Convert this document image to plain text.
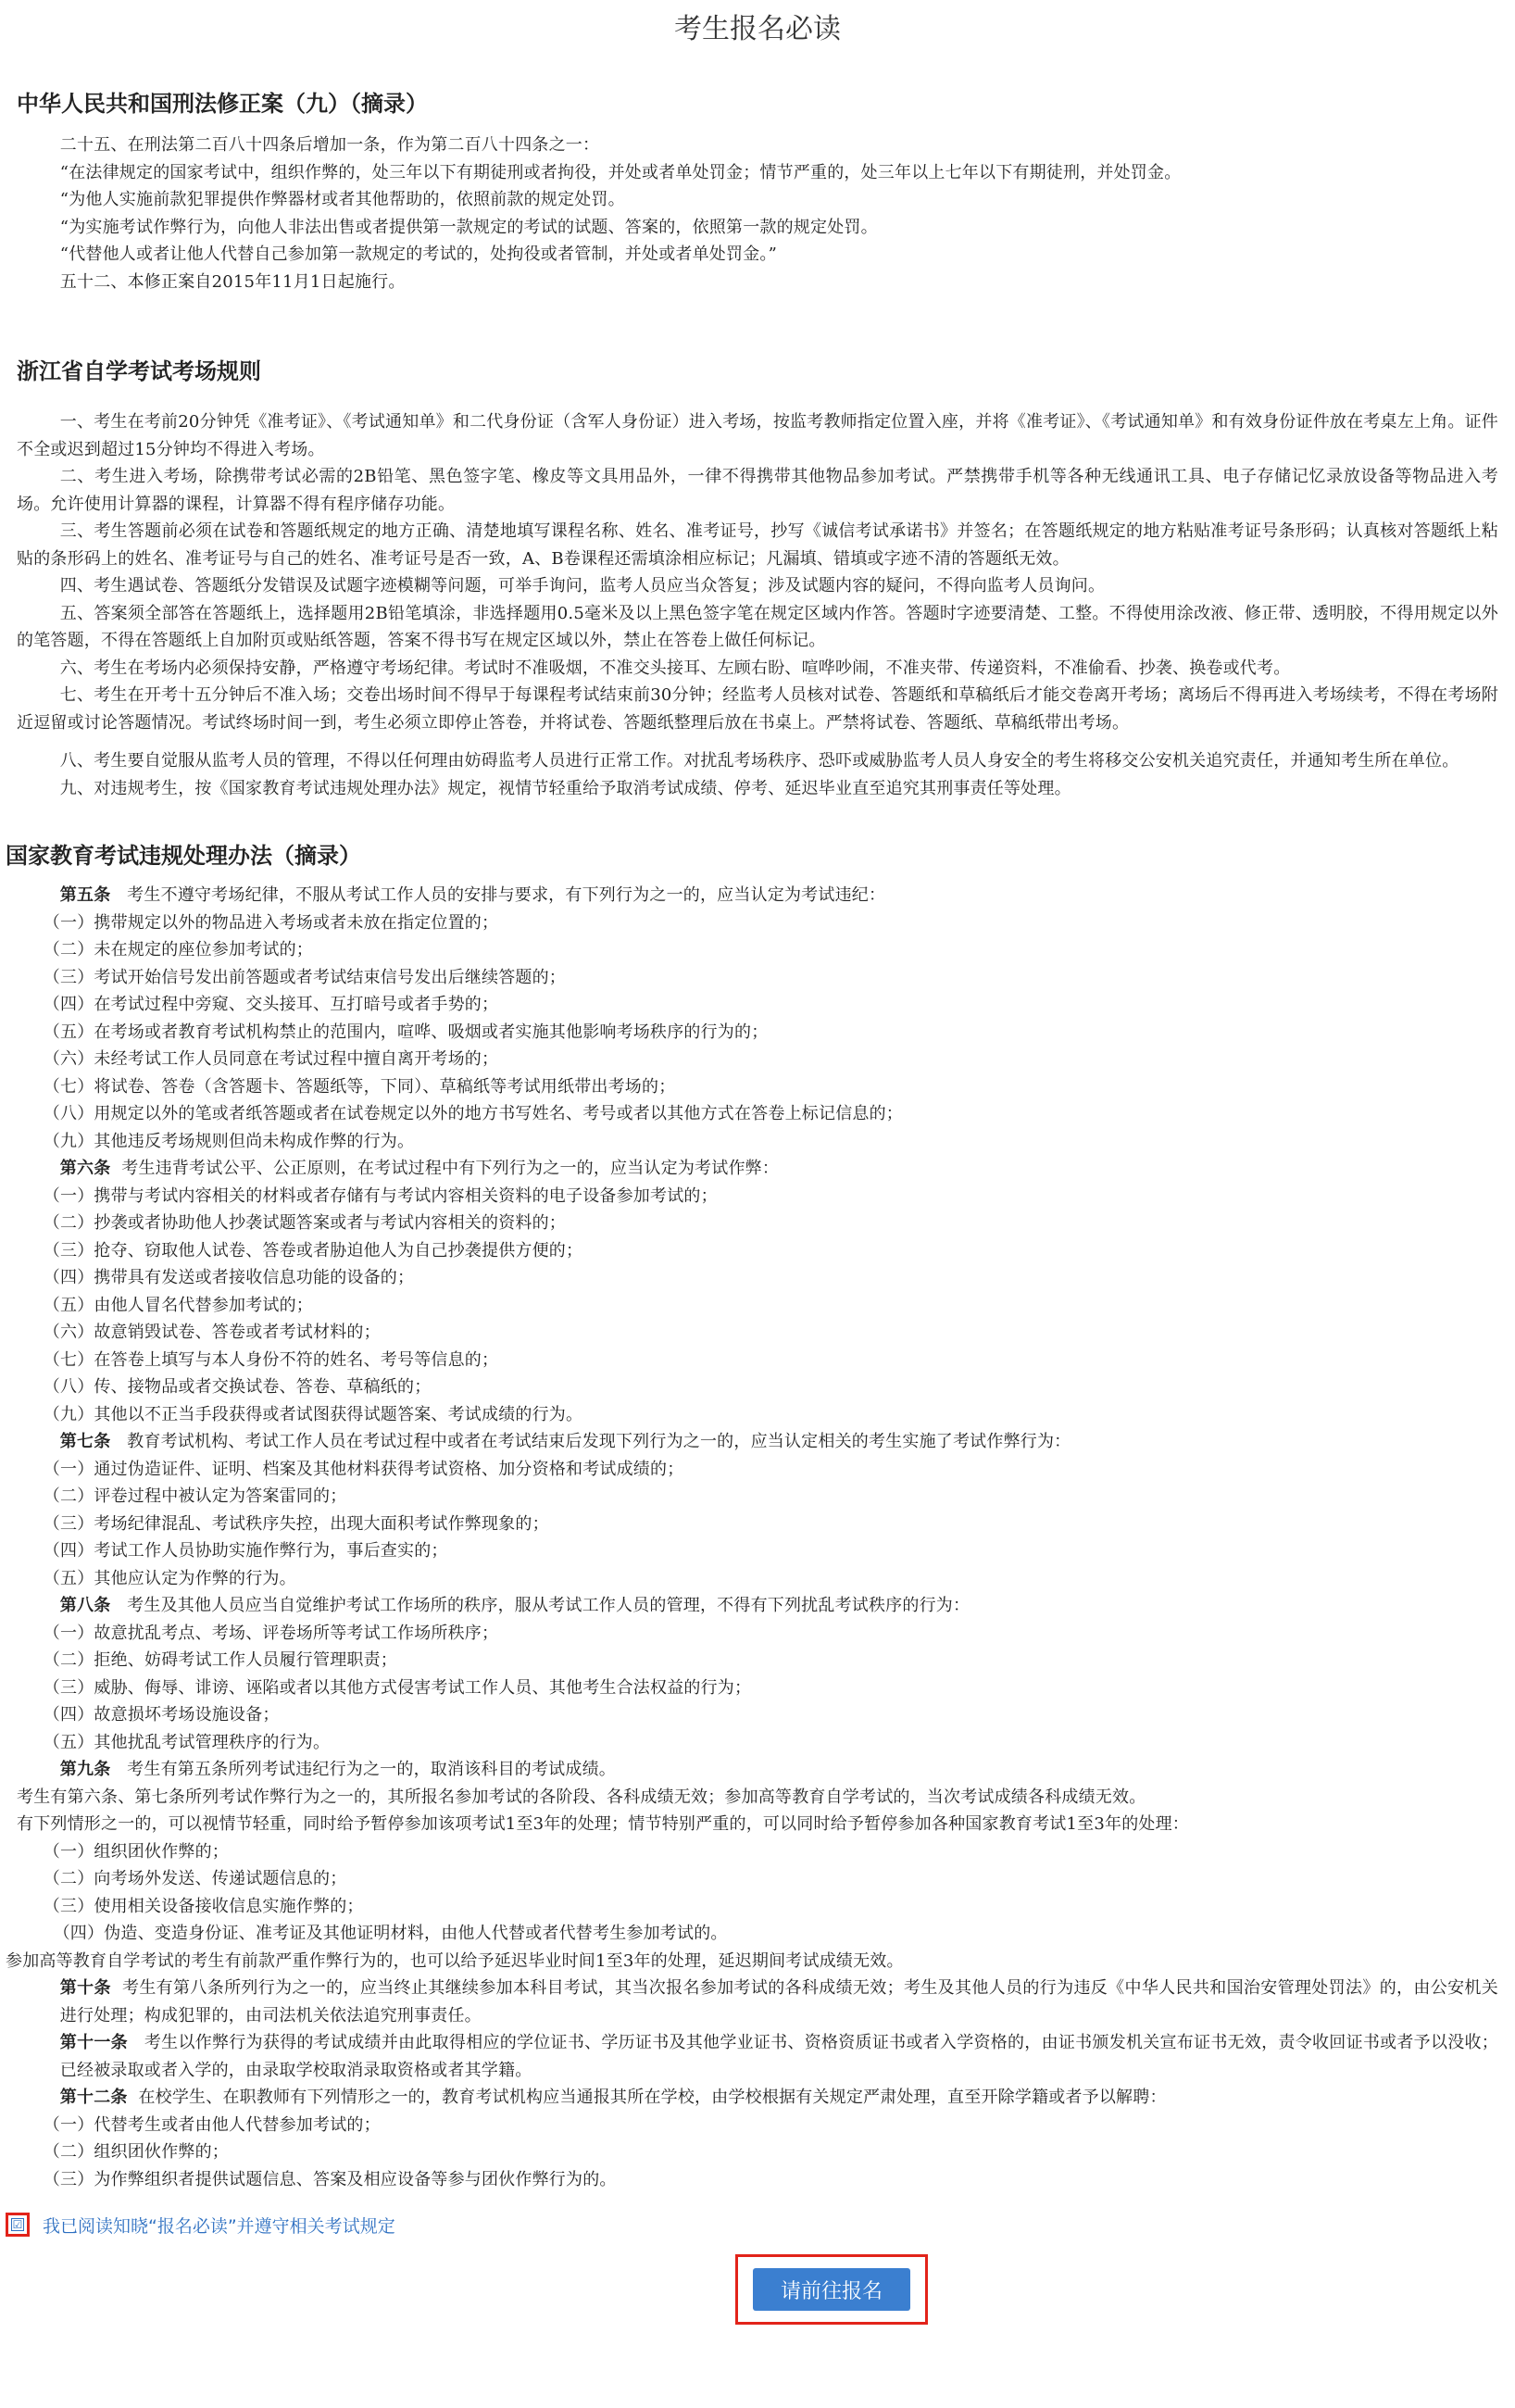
考生报名必读
中华人民共和国刑法修正案（九）（摘录）

二十五、在刑法第二百八十四条后增加一条，作为第二百八十四条之一：

“在法律规定的国家考试中，组织作弊的，处三年以下有期徒刑或者拘役，并处或者单处罚金；情节严重的，处三年以上七年以下有期徒刑，并处罚金。

“为他人实施前款犯罪提供作弊器材或者其他帮助的，依照前款的规定处罚。

“为实施考试作弊行为，向他人非法出售或者提供第一款规定的考试的试题、答案的，依照第一款的规定处罚。

“代替他人或者让他人代替自己参加第一款规定的考试的，处拘役或者管制，并处或者单处罚金。”

五十二、本修正案自2015年11月1日起施行。

浙江省自学考试考场规则

一、考生在考前20分钟凭《准考证》、《考试通知单》和二代身份证（含军人身份证）进入考场，按监考教师指定位置入座，并将《准考证》、《考试通知单》和有效身份证件放在考桌左上角。证件不全或迟到超过15分钟均不得进入考场。

二、考生进入考场，除携带考试必需的2B铅笔、黑色签字笔、橡皮等文具用品外，一律不得携带其他物品参加考试。严禁携带手机等各种无线通讯工具、电子存储记忆录放设备等物品进入考场。允许使用计算器的课程，计算器不得有程序储存功能。

三、考生答题前必须在试卷和答题纸规定的地方正确、清楚地填写课程名称、姓名、准考证号，抄写《诚信考试承诺书》并签名；在答题纸规定的地方粘贴准考证号条形码；认真核对答题纸上粘贴的条形码上的姓名、准考证号与自己的姓名、准考证号是否一致，A、B卷课程还需填涂相应标记；凡漏填、错填或字迹不清的答题纸无效。

四、考生遇试卷、答题纸分发错误及试题字迹模糊等问题，可举手询问，监考人员应当众答复；涉及试题内容的疑问，不得向监考人员询问。

五、答案须全部答在答题纸上，选择题用2B铅笔填涂，非选择题用0.5毫米及以上黑色签字笔在规定区域内作答。答题时字迹要清楚、工整。不得使用涂改液、修正带、透明胶，不得用规定以外的笔答题，不得在答题纸上自加附页或贴纸答题，答案不得书写在规定区域以外，禁止在答卷上做任何标记。

六、考生在考场内必须保持安静，严格遵守考场纪律。考试时不准吸烟，不准交头接耳、左顾右盼、喧哗吵闹，不准夹带、传递资料，不准偷看、抄袭、换卷或代考。

七、考生在开考十五分钟后不准入场；交卷出场时间不得早于每课程考试结束前30分钟；经监考人员核对试卷、答题纸和草稿纸后才能交卷离开考场；离场后不得再进入考场续考，不得在考场附近逗留或讨论答题情况。考试终场时间一到，考生必须立即停止答卷，并将试卷、答题纸整理后放在书桌上。严禁将试卷、答题纸、草稿纸带出考场。

八、考生要自觉服从监考人员的管理，不得以任何理由妨碍监考人员进行正常工作。对扰乱考场秩序、恐吓或威胁监考人员人身安全的考生将移交公安机关追究责任，并通知考生所在单位。

九、对违规考生，按《国家教育考试违规处理办法》规定，视情节轻重给予取消考试成绩、停考、延迟毕业直至追究其刑事责任等处理。

国家教育考试违规处理办法（摘录）

第五条 考生不遵守考场纪律，不服从考试工作人员的安排与要求，有下列行为之一的，应当认定为考试违纪：

（一）携带规定以外的物品进入考场或者未放在指定位置的；

（二）未在规定的座位参加考试的；

（三）考试开始信号发出前答题或者考试结束信号发出后继续答题的；

（四）在考试过程中旁窥、交头接耳、互打暗号或者手势的；

（五）在考场或者教育考试机构禁止的范围内，喧哗、吸烟或者实施其他影响考场秩序的行为的；

（六）未经考试工作人员同意在考试过程中擅自离开考场的；

（七）将试卷、答卷（含答题卡、答题纸等，下同）、草稿纸等考试用纸带出考场的；

（八）用规定以外的笔或者纸答题或者在试卷规定以外的地方书写姓名、考号或者以其他方式在答卷上标记信息的；

（九）其他违反考场规则但尚未构成作弊的行为。

第六条 考生违背考试公平、公正原则，在考试过程中有下列行为之一的，应当认定为考试作弊：

（一）携带与考试内容相关的材料或者存储有与考试内容相关资料的电子设备参加考试的；

（二）抄袭或者协助他人抄袭试题答案或者与考试内容相关的资料的；

（三）抢夺、窃取他人试卷、答卷或者胁迫他人为自己抄袭提供方便的；

（四）携带具有发送或者接收信息功能的设备的；

（五）由他人冒名代替参加考试的；

（六）故意销毁试卷、答卷或者考试材料的；

（七）在答卷上填写与本人身份不符的姓名、考号等信息的；

（八）传、接物品或者交换试卷、答卷、草稿纸的；

（九）其他以不正当手段获得或者试图获得试题答案、考试成绩的行为。

第七条 教育考试机构、考试工作人员在考试过程中或者在考试结束后发现下列行为之一的，应当认定相关的考生实施了考试作弊行为：

（一）通过伪造证件、证明、档案及其他材料获得考试资格、加分资格和考试成绩的；

（二）评卷过程中被认定为答案雷同的；

（三）考场纪律混乱、考试秩序失控，出现大面积考试作弊现象的；

（四）考试工作人员协助实施作弊行为，事后查实的；

（五）其他应认定为作弊的行为。

第八条 考生及其他人员应当自觉维护考试工作场所的秩序，服从考试工作人员的管理，不得有下列扰乱考试秩序的行为：

（一）故意扰乱考点、考场、评卷场所等考试工作场所秩序；

（二）拒绝、妨碍考试工作人员履行管理职责；

（三）威胁、侮辱、诽谤、诬陷或者以其他方式侵害考试工作人员、其他考生合法权益的行为；

（四）故意损坏考场设施设备；

（五）其他扰乱考试管理秩序的行为。

第九条 考生有第五条所列考试违纪行为之一的，取消该科目的考试成绩。

考生有第六条、第七条所列考试作弊行为之一的，其所报名参加考试的各阶段、各科成绩无效；参加高等教育自学考试的，当次考试成绩各科成绩无效。

有下列情形之一的，可以视情节轻重，同时给予暂停参加该项考试1至3年的处理；情节特别严重的，可以同时给予暂停参加各种国家教育考试1至3年的处理：

（一）组织团伙作弊的；

（二）向考场外发送、传递试题信息的；

（三）使用相关设备接收信息实施作弊的；

（四）伪造、变造身份证、准考证及其他证明材料，由他人代替或者代替考生参加考试的。

参加高等教育自学考试的考生有前款严重作弊行为的，也可以给予延迟毕业时间1至3年的处理，延迟期间考试成绩无效。

第十条 考生有第八条所列行为之一的，应当终止其继续参加本科目考试，其当次报名参加考试的各科成绩无效；考生及其他人员的行为违反《中华人民共和国治安管理处罚法》的，由公安机关进行处理；构成犯罪的，由司法机关依法追究刑事责任。

第十一条 考生以作弊行为获得的考试成绩并由此取得相应的学位证书、学历证书及其他学业证书、资格资质证书或者入学资格的，由证书颁发机关宣布证书无效，责令收回证书或者予以没收；已经被录取或者入学的，由录取学校取消录取资格或者其学籍。

第十二条 在校学生、在职教师有下列情形之一的，教育考试机构应当通报其所在学校，由学校根据有关规定严肃处理，直至开除学籍或者予以解聘：

（一）代替考生或者由他人代替参加考试的；

（二）组织团伙作弊的；

（三）为作弊组织者提供试题信息、答案及相应设备等参与团伙作弊行为的。

☑ 我已阅读知晓“报名必读”并遵守相关考试规定
请前往报名
